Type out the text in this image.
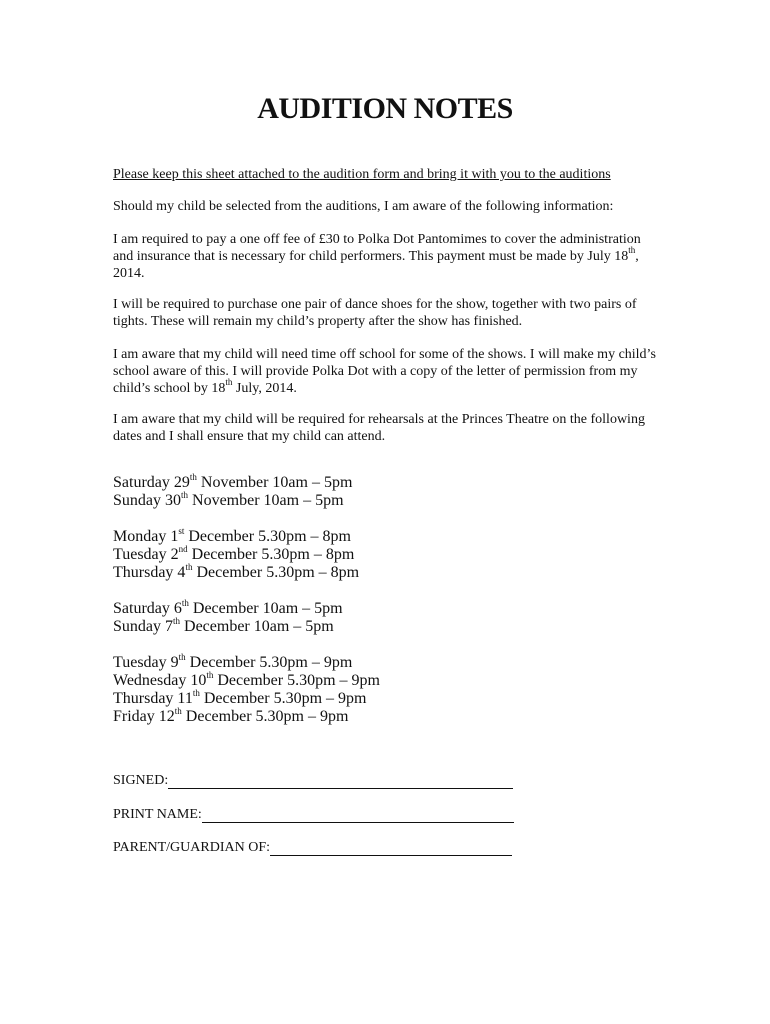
AUDITION NOTES

Please keep this sheet attached to the audition form and bring it with you to the auditions

Should my child be selected from the auditions, I am aware of the following information:

I am required to pay a one off fee of £30 to Polka Dot Pantomimes to cover the administration and insurance that is necessary for child performers. This payment must be made by July 18th, 2014.

I will be required to purchase one pair of dance shoes for the show, together with two pairs of tights. These will remain my child’s property after the show has finished.

I am aware that my child will need time off school for some of the shows. I will make my child’s school aware of this. I will provide Polka Dot with a copy of the letter of permission from my child’s school by 18th July, 2014.

I am aware that my child will be required for rehearsals at the Princes Theatre on the following dates and I shall ensure that my child can attend.

Saturday 29th November 10am – 5pm
Sunday 30th November 10am – 5pm
Monday 1st December 5.30pm – 8pm
Tuesday 2nd December 5.30pm – 8pm
Thursday 4th December 5.30pm – 8pm
Saturday 6th December 10am – 5pm
Sunday 7th December 10am – 5pm
Tuesday 9th December 5.30pm – 9pm
Wednesday 10th December 5.30pm – 9pm
Thursday 11th December 5.30pm – 9pm
Friday 12th December 5.30pm – 9pm
SIGNED:
PRINT NAME:
PARENT/GUARDIAN OF:
